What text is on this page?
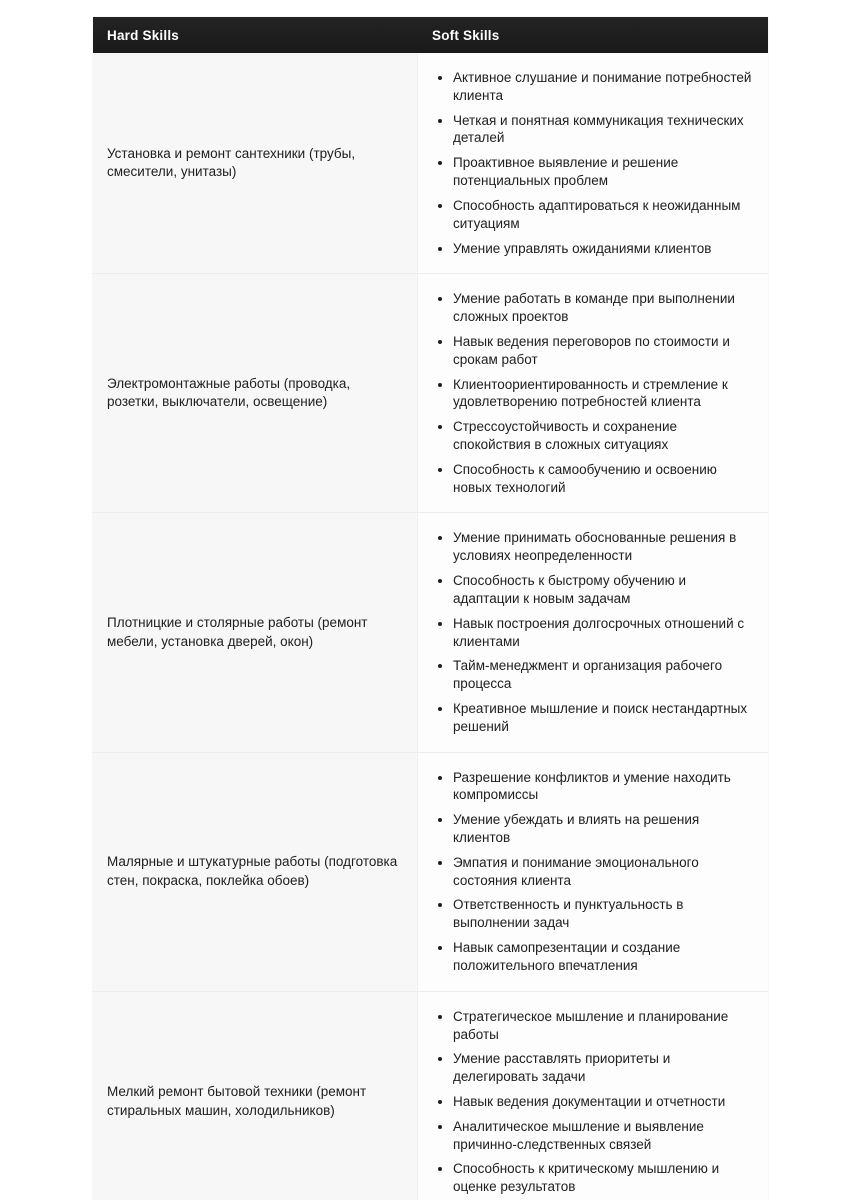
Hard Skills	Soft Skills
Установка и ремонт сантехники (трубы, смесители, унитазы)
• Активное слушание и понимание потребностей клиента
• Четкая и понятная коммуникация технических деталей
• Проактивное выявление и решение потенциальных проблем
• Способность адаптироваться к неожиданным ситуациям
• Умение управлять ожиданиями клиентов
Электромонтажные работы (проводка, розетки, выключатели, освещение)
• Умение работать в команде при выполнении сложных проектов
• Навык ведения переговоров по стоимости и срокам работ
• Клиентоориентированность и стремление к удовлетворению потребностей клиента
• Стрессоустойчивость и сохранение спокойствия в сложных ситуациях
• Способность к самообучению и освоению новых технологий
Плотницкие и столярные работы (ремонт мебели, установка дверей, окон)
• Умение принимать обоснованные решения в условиях неопределенности
• Способность к быстрому обучению и адаптации к новым задачам
• Навык построения долгосрочных отношений с клиентами
• Тайм-менеджмент и организация рабочего процесса
• Креативное мышление и поиск нестандартных решений
Малярные и штукатурные работы (подготовка стен, покраска, поклейка обоев)
• Разрешение конфликтов и умение находить компромиссы
• Умение убеждать и влиять на решения клиентов
• Эмпатия и понимание эмоционального состояния клиента
• Ответственность и пунктуальность в выполнении задач
• Навык самопрезентации и создание положительного впечатления
Мелкий ремонт бытовой техники (ремонт стиральных машин, холодильников)
• Стратегическое мышление и планирование работы
• Умение расставлять приоритеты и делегировать задачи
• Навык ведения документации и отчетности
• Аналитическое мышление и выявление причинно-следственных связей
• Способность к критическому мышлению и оценке результатов
